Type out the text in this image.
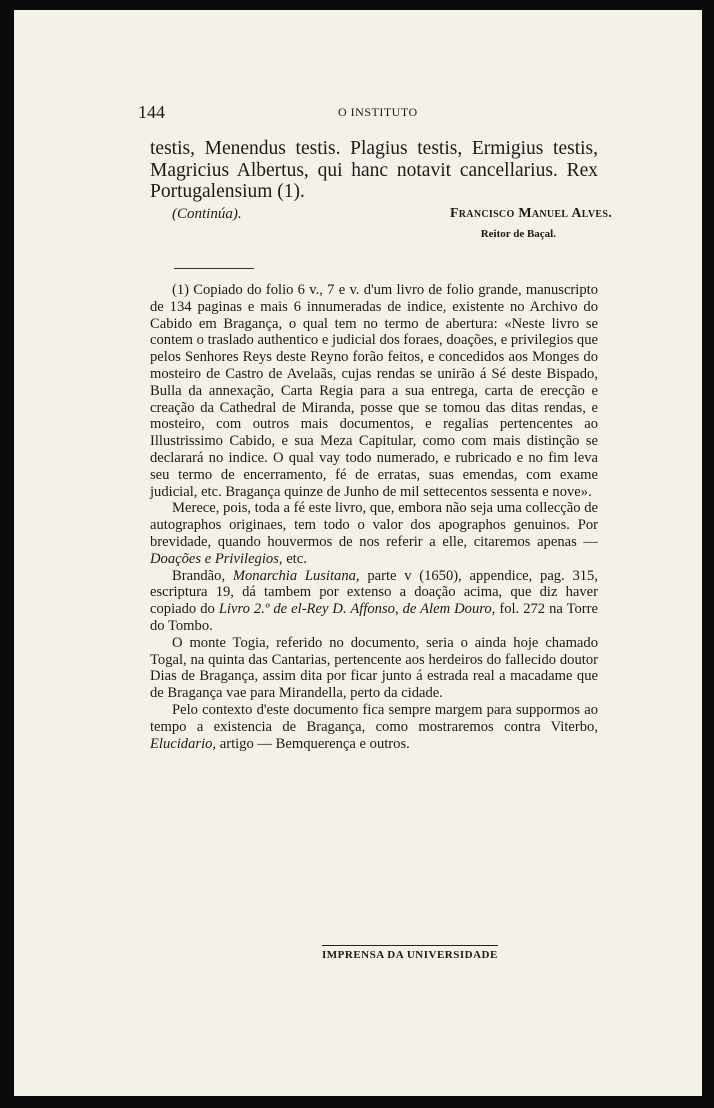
144	O INSTITUTO

testis, Menendus testis. Plagius testis, Ermigius testis, Magricius Albertus, qui hanc notavit cancellarius. Rex Portugalensium (1).

(Continúa).	Francisco Manuel Alves.
Reitor de Baçal.

(1) Copiado do folio 6 v., 7 e v. d'um livro de folio grande, manuscripto de 134 paginas e mais 6 innumeradas de indice, existente no Archivo do Cabido em Bragança, o qual tem no termo de abertura: «Neste livro se contem o traslado authentico e judicial dos foraes, doações, e privilegios que pelos Senhores Reys deste Reyno forão feitos, e concedidos aos Monges do mosteiro de Castro de Avelaãs, cujas rendas se unirão á Sé deste Bispado, Bulla da annexação, Carta Regia para a sua entrega, carta de erecção e creação da Cathedral de Miranda, posse que se tomou das ditas rendas, e mosteiro, com outros mais documentos, e regalias pertencentes ao Illustrissimo Cabido, e sua Meza Capitular, como com mais distinção se declarará no indice. O qual vay todo numerado, e rubricado e no fim leva seu termo de encerramento, fé de erratas, suas emendas, com exame judicial, etc. Bragança quinze de Junho de mil settecentos sessenta e nove».

Merece, pois, toda a fé este livro, que, embora não seja uma collecção de autographos originaes, tem todo o valor dos apographos genuinos. Por brevidade, quando houvermos de nos referir a elle, citaremos apenas — Doações e Privilegios, etc.

Brandão, Monarchia Lusitana, parte v (1650), appendice, pag. 315, escriptura 19, dá tambem por extenso a doação acima, que diz haver copiado do Livro 2.º de el-Rey D. Affonso, de Alem Douro, fol. 272 na Torre do Tombo.

O monte Togia, referido no documento, seria o ainda hoje chamado Togal, na quinta das Cantarias, pertencente aos herdeiros do fallecido doutor Dias de Bragança, assim dita por ficar junto á estrada real a macadame que de Bragança vae para Mirandella, perto da cidade.

Pelo contexto d'este documento fica sempre margem para suppormos ao tempo a existencia de Bragança, como mostraremos contra Viterbo, Elucidario, artigo — Bemquerença e outros.

IMPRENSA DA UNIVERSIDADE
